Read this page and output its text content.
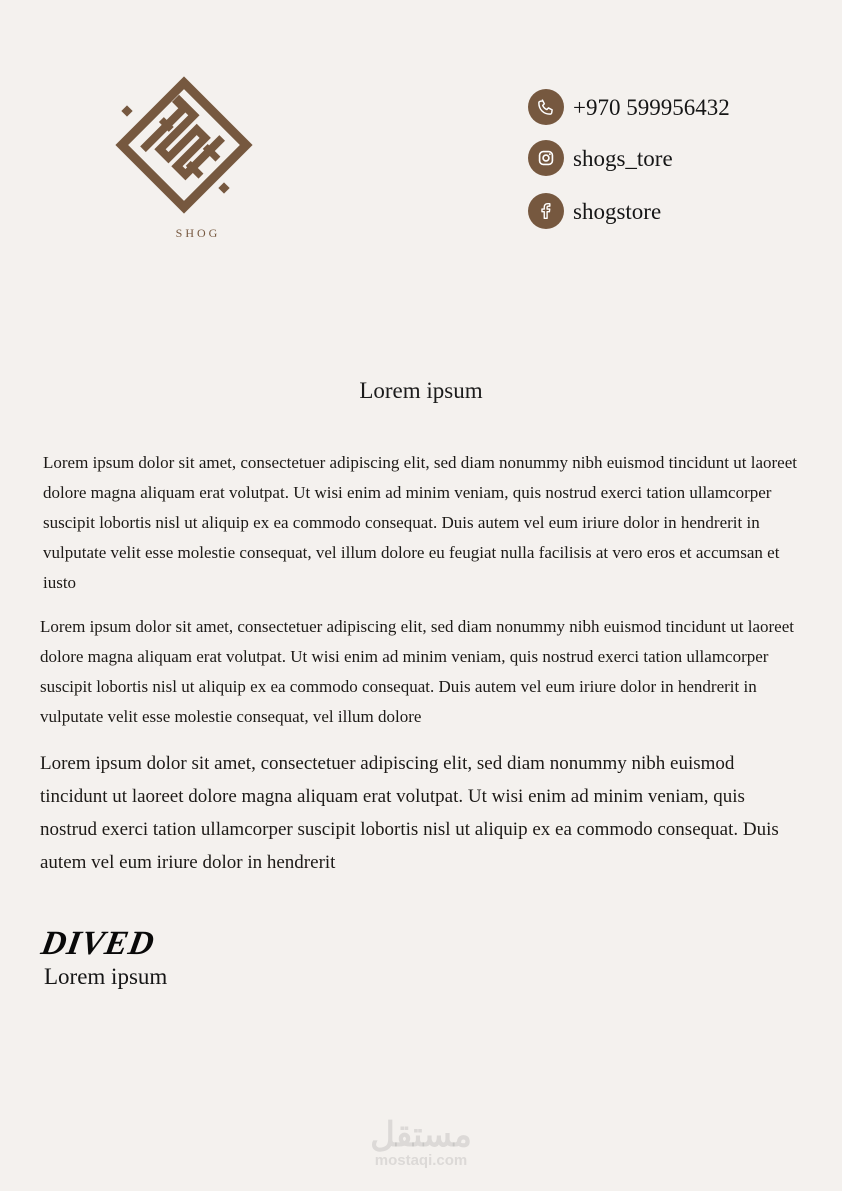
SHOG
+970 599956432
shogs_tore
shogstore
Lorem ipsum

Lorem ipsum dolor sit amet, consectetuer adipiscing elit, sed diam nonummy nibh euismod tincidunt ut laoreet dolore magna aliquam erat volutpat. Ut wisi enim ad minim veniam, quis nostrud exerci tation ullamcorper suscipit lobortis nisl ut aliquip ex ea commodo consequat. Duis autem vel eum iriure dolor in hendrerit in vulputate velit esse molestie consequat, vel illum dolore eu feugiat nulla facilisis at vero eros et accumsan et iusto

Lorem ipsum dolor sit amet, consectetuer adipiscing elit, sed diam nonummy nibh euismod tincidunt ut laoreet dolore magna aliquam erat volutpat. Ut wisi enim ad minim veniam, quis nostrud exerci tation ullamcorper suscipit lobortis nisl ut aliquip ex ea commodo consequat. Duis autem vel eum iriure dolor in hendrerit in vulputate velit esse molestie consequat, vel illum dolore

Lorem ipsum dolor sit amet, consectetuer adipiscing elit, sed diam nonummy nibh euismod tincidunt ut laoreet dolore magna aliquam erat volutpat. Ut wisi enim ad minim veniam, quis nostrud exerci tation ullamcorper suscipit lobortis nisl ut aliquip ex ea commodo consequat. Duis autem vel eum iriure dolor in hendrerit

DIVED
Lorem ipsum
مستقل
mostaqi.com
